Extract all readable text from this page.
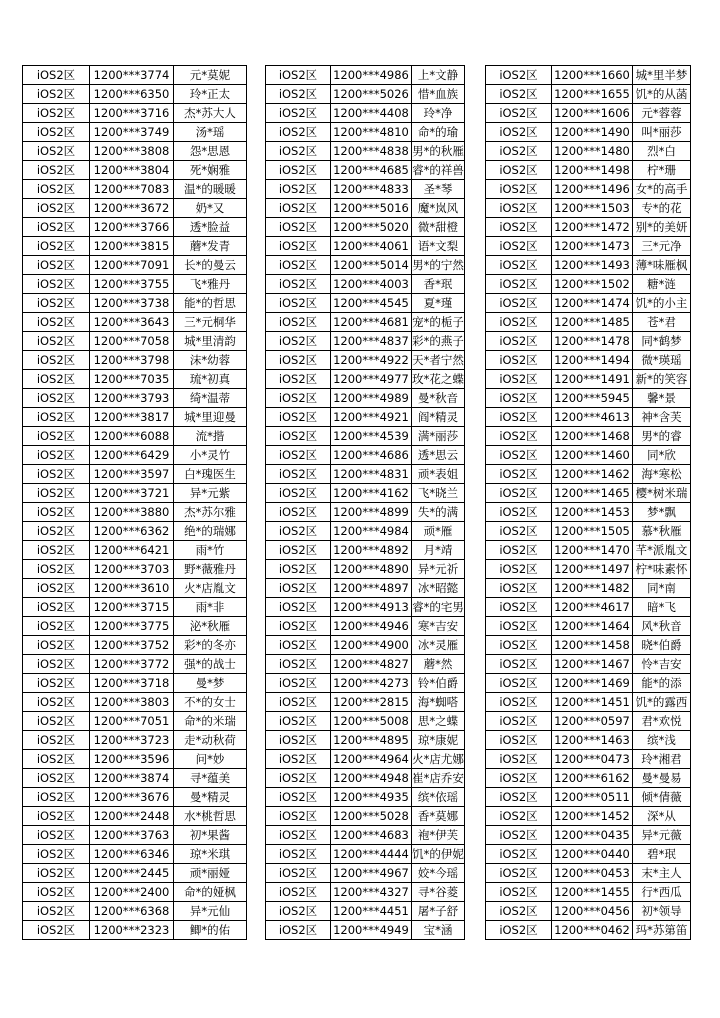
iOS2区	1200***3774	元*莫妮
iOS2区	1200***6350	玲*正太
iOS2区	1200***3716	杰*苏大人
iOS2区	1200***3749	汤*瑶
iOS2区	1200***3808	怨*思恩
iOS2区	1200***3804	死*娴雅
iOS2区	1200***7083	温*的暖暖
iOS2区	1200***3672	奶*又
iOS2区	1200***3766	透*脸益
iOS2区	1200***3815	蘑*发青
iOS2区	1200***7091	长*的曼云
iOS2区	1200***3755	飞*雅丹
iOS2区	1200***3738	能*的哲思
iOS2区	1200***3643	三*元桐华
iOS2区	1200***7058	城*里清韵
iOS2区	1200***3798	沫*幼蓉
iOS2区	1200***7035	琉*初真
iOS2区	1200***3793	绮*温蒂
iOS2区	1200***3817	城*里迎曼
iOS2区	1200***6088	流*揩
iOS2区	1200***6429	小*灵竹
iOS2区	1200***3597	白*瑰医生
iOS2区	1200***3721	异*元紫
iOS2区	1200***3880	杰*苏尔雅
iOS2区	1200***6362	绝*的瑞娜
iOS2区	1200***6421	雨*竹
iOS2区	1200***3703	野*薇雅丹
iOS2区	1200***3610	火*店胤文
iOS2区	1200***3715	雨*非
iOS2区	1200***3775	泌*秋雁
iOS2区	1200***3752	彩*的冬亦
iOS2区	1200***3772	强*的战士
iOS2区	1200***3718	曼*梦
iOS2区	1200***3803	不*的女士
iOS2区	1200***7051	命*的米瑞
iOS2区	1200***3723	走*动秋荷
iOS2区	1200***3596	问*妙
iOS2区	1200***3874	寻*蕴美
iOS2区	1200***3676	曼*精灵
iOS2区	1200***2448	水*桃哲思
iOS2区	1200***3763	初*果酱
iOS2区	1200***6346	琼*米琪
iOS2区	1200***2445	顽*丽娅
iOS2区	1200***2400	命*的娅枫
iOS2区	1200***6368	异*元仙
iOS2区	1200***2323	鲫*的佑
iOS2区	1200***4986	上*文静
iOS2区	1200***5026	惜*血族
iOS2区	1200***4408	玲*净
iOS2区	1200***4810	命*的瑜
iOS2区	1200***4838	男*的秋雁
iOS2区	1200***4685	睿*的祥兽
iOS2区	1200***4833	圣*琴
iOS2区	1200***5016	魔*岚风
iOS2区	1200***5020	微*甜橙
iOS2区	1200***4061	语*文梨
iOS2区	1200***5014	男*的宁然
iOS2区	1200***4003	香*珉
iOS2区	1200***4545	夏*瑾
iOS2区	1200***4681	宠*的栀子
iOS2区	1200***4837	彩*的燕子
iOS2区	1200***4922	天*者宁然
iOS2区	1200***4977	玫*花之蝶
iOS2区	1200***4989	曼*秋音
iOS2区	1200***4921	阎*精灵
iOS2区	1200***4539	满*丽莎
iOS2区	1200***4686	透*思云
iOS2区	1200***4831	顽*表姐
iOS2区	1200***4162	飞*晓兰
iOS2区	1200***4899	失*的满
iOS2区	1200***4984	顽*雁
iOS2区	1200***4892	月*靖
iOS2区	1200***4890	异*元祈
iOS2区	1200***4897	冰*昭懿
iOS2区	1200***4913	睿*的宅男
iOS2区	1200***4946	寒*吉安
iOS2区	1200***4900	冰*灵雁
iOS2区	1200***4827	蘑*然
iOS2区	1200***4273	铃*伯爵
iOS2区	1200***2815	海*蜘嗒
iOS2区	1200***5008	思*之蝶
iOS2区	1200***4895	琼*康妮
iOS2区	1200***4964	火*店尤娜
iOS2区	1200***4948	崔*店乔安
iOS2区	1200***4935	缤*依瑶
iOS2区	1200***5028	香*莫娜
iOS2区	1200***4683	袍*伊芙
iOS2区	1200***4444	饥*的伊妮
iOS2区	1200***4967	姣*今瑶
iOS2区	1200***4327	寻*谷菱
iOS2区	1200***4451	屠*子舒
iOS2区	1200***4949	宝*涵
iOS2区	1200***1660	城*里半梦
iOS2区	1200***1655	饥*的从菡
iOS2区	1200***1606	元*蓉蓉
iOS2区	1200***1490	叫*丽莎
iOS2区	1200***1480	烈*白
iOS2区	1200***1498	柠*珊
iOS2区	1200***1496	女*的高手
iOS2区	1200***1503	专*的花
iOS2区	1200***1472	别*的美妍
iOS2区	1200***1473	三*元净
iOS2区	1200***1493	薄*味雁枫
iOS2区	1200***1502	糖*涟
iOS2区	1200***1474	饥*的小主
iOS2区	1200***1485	苍*君
iOS2区	1200***1478	同*鹤梦
iOS2区	1200***1494	微*瑛瑶
iOS2区	1200***1491	新*的笑容
iOS2区	1200***5945	馨*景
iOS2区	1200***4613	神*含芙
iOS2区	1200***1468	男*的睿
iOS2区	1200***1460	同*欣
iOS2区	1200***1462	海*寒松
iOS2区	1200***1465	樱*树米瑞
iOS2区	1200***1453	梦*飘
iOS2区	1200***1505	慕*秋雁
iOS2区	1200***1470	芊*派胤文
iOS2区	1200***1497	柠*味素怀
iOS2区	1200***1482	同*南
iOS2区	1200***4617	暗*飞
iOS2区	1200***1464	风*秋音
iOS2区	1200***1458	晓*伯爵
iOS2区	1200***1467	怜*吉安
iOS2区	1200***1469	能*的添
iOS2区	1200***1451	饥*的露西
iOS2区	1200***0597	君*欢悦
iOS2区	1200***1463	缤*浅
iOS2区	1200***0473	玲*湘君
iOS2区	1200***6162	曼*曼易
iOS2区	1200***0511	倾*倩薇
iOS2区	1200***1452	深*从
iOS2区	1200***0435	异*元薇
iOS2区	1200***0440	碧*珉
iOS2区	1200***0453	末*主人
iOS2区	1200***1455	行*西瓜
iOS2区	1200***0456	初*领导
iOS2区	1200***0462	玛*苏第笛
